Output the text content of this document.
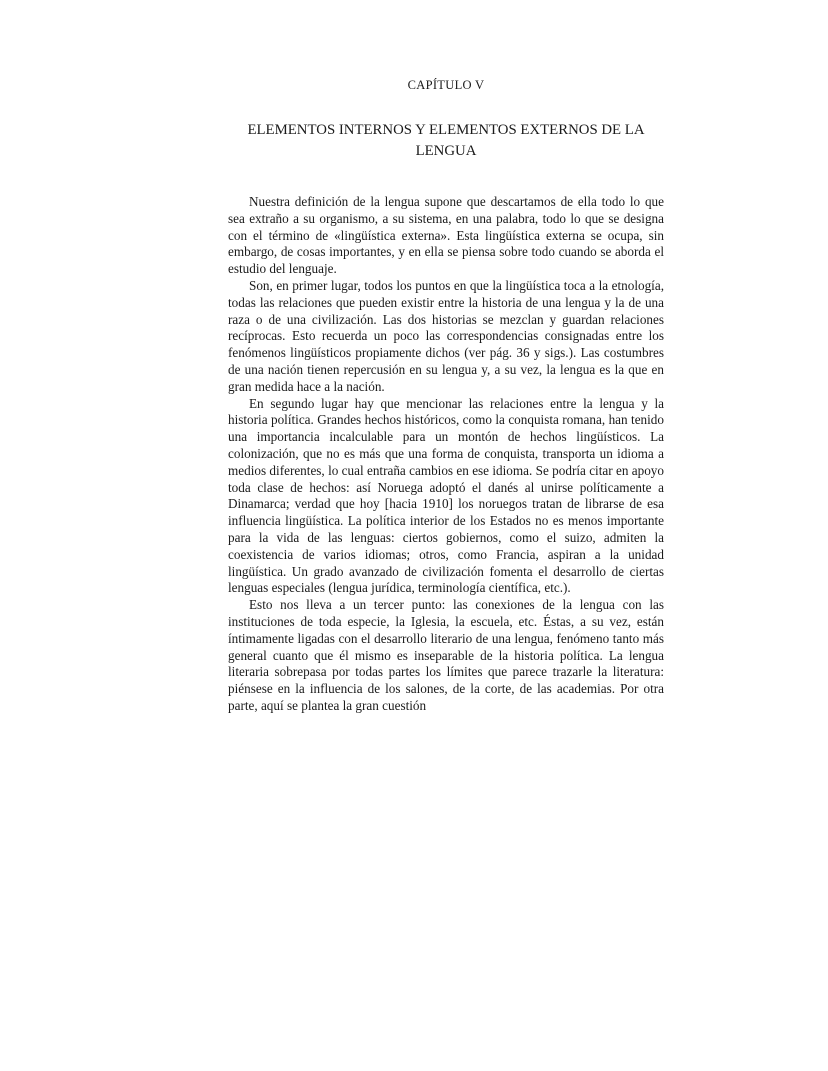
CAPÍTULO V
ELEMENTOS INTERNOS Y ELEMENTOS EXTERNOS DE LA LENGUA

Nuestra definición de la lengua supone que descartamos de ella todo lo que sea extraño a su organismo, a su sistema, en una palabra, todo lo que se designa con el término de «lingüística externa». Esta lingüística externa se ocupa, sin embargo, de cosas importantes, y en ella se piensa sobre todo cuando se aborda el estudio del lenguaje.

Son, en primer lugar, todos los puntos en que la lingüística toca a la etnología, todas las relaciones que pueden existir entre la historia de una lengua y la de una raza o de una civilización. Las dos historias se mezclan y guardan relaciones recíprocas. Esto recuerda un poco las correspondencias consignadas entre los fenómenos lingüísticos propiamente dichos (ver pág. 36 y sigs.). Las costumbres de una nación tienen repercusión en su lengua y, a su vez, la lengua es la que en gran medida hace a la nación.

En segundo lugar hay que mencionar las relaciones entre la lengua y la historia política. Grandes hechos históricos, como la conquista romana, han tenido una importancia incalculable para un montón de hechos lingüísticos. La colonización, que no es más que una forma de conquista, transporta un idioma a medios diferentes, lo cual entraña cambios en ese idioma. Se podría citar en apoyo toda clase de hechos: así Noruega adoptó el danés al unirse políticamente a Dinamarca; verdad que hoy [hacia 1910] los noruegos tratan de librarse de esa influencia lingüística. La política interior de los Estados no es menos importante para la vida de las lenguas: ciertos gobiernos, como el suizo, admiten la coexistencia de varios idiomas; otros, como Francia, aspiran a la unidad lingüística. Un grado avanzado de civilización fomenta el desarrollo de ciertas lenguas especiales (lengua jurídica, terminología científica, etc.).

Esto nos lleva a un tercer punto: las conexiones de la lengua con las instituciones de toda especie, la Iglesia, la escuela, etc. Éstas, a su vez, están íntimamente ligadas con el desarrollo literario de una lengua, fenómeno tanto más general cuanto que él mismo es inseparable de la historia política. La lengua literaria sobrepasa por todas partes los límites que parece trazarle la literatura: piénsese en la influencia de los salones, de la corte, de las academias. Por otra parte, aquí se plantea la gran cuestión
